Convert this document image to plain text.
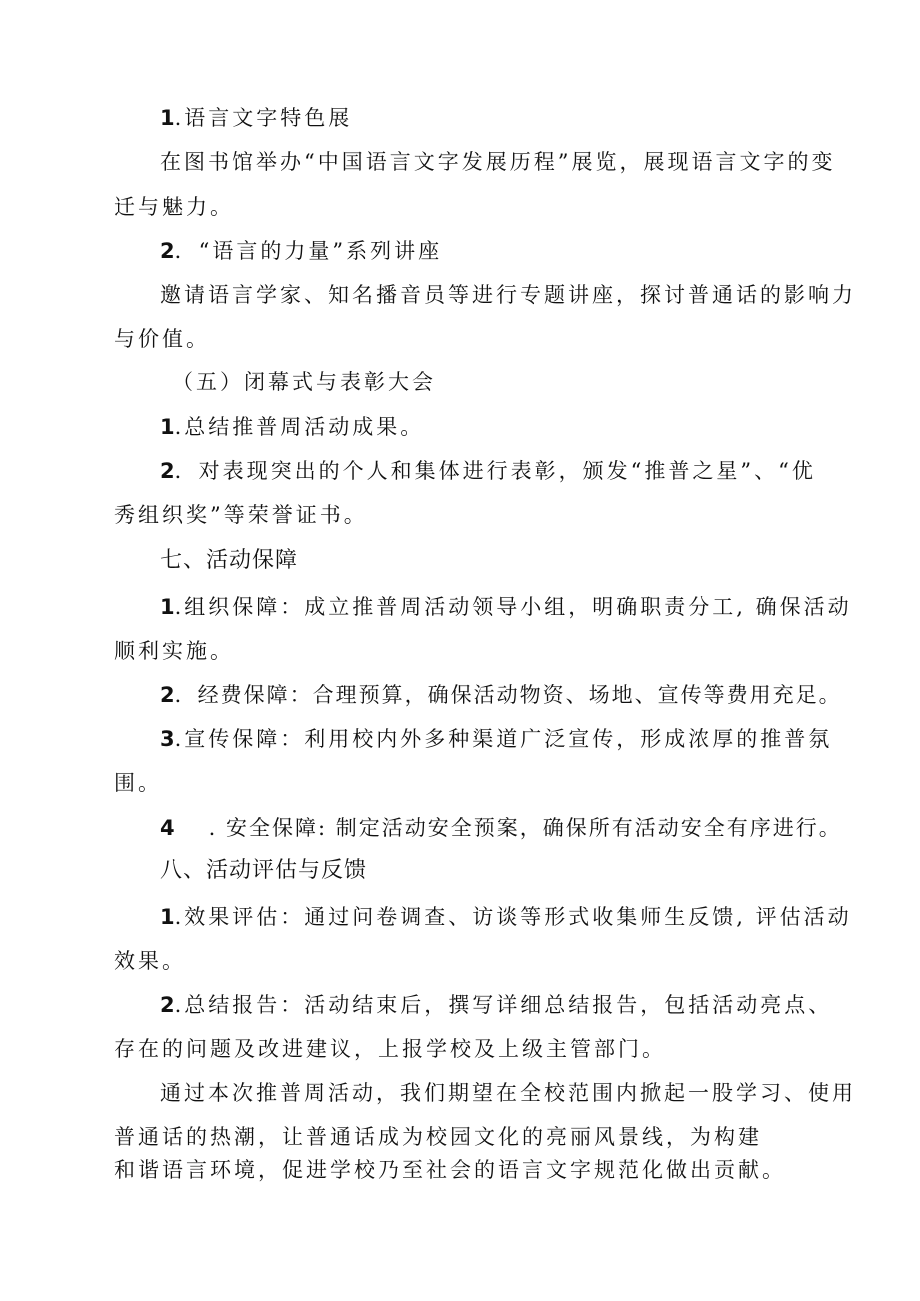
1.语言文字特色展
在图书馆举办“中国语言文字发展历程”展览，展现语言文字的变
迁与魅力。
2．“语言的力量”系列讲座
邀请语言学家、知名播音员等进行专题讲座，探讨普通话的影响力
与价值。
（五）闭幕式与表彰大会
1.总结推普周活动成果。
2．对表现突出的个人和集体进行表彰，颁发“推普之星”、“优
秀组织奖”等荣誉证书。
七、活动保障
1.组织保障：成立推普周活动领导小组，明确职责分工, 确保活动
顺利实施。
2．经费保障：合理预算，确保活动物资、场地、宣传等费用充足。
3.宣传保障：利用校内外多种渠道广泛宣传，形成浓厚的推普氛
围。
4 . 安全保障: 制定活动安全预案，确保所有活动安全有序进行。
八、活动评估与反馈
1.效果评估：通过问卷调查、访谈等形式收集师生反馈, 评估活动
效果。
2.总结报告：活动结束后，撰写详细总结报告，包括活动亮点、
存在的问题及改进建议，上报学校及上级主管部门。
通过本次推普周活动，我们期望在全校范围内掀起一股学习、使用
普通话的热潮，让普通话成为校园文化的亮丽风景线，为构建
和谐语言环境，促进学校乃至社会的语言文字规范化做出贡献。
